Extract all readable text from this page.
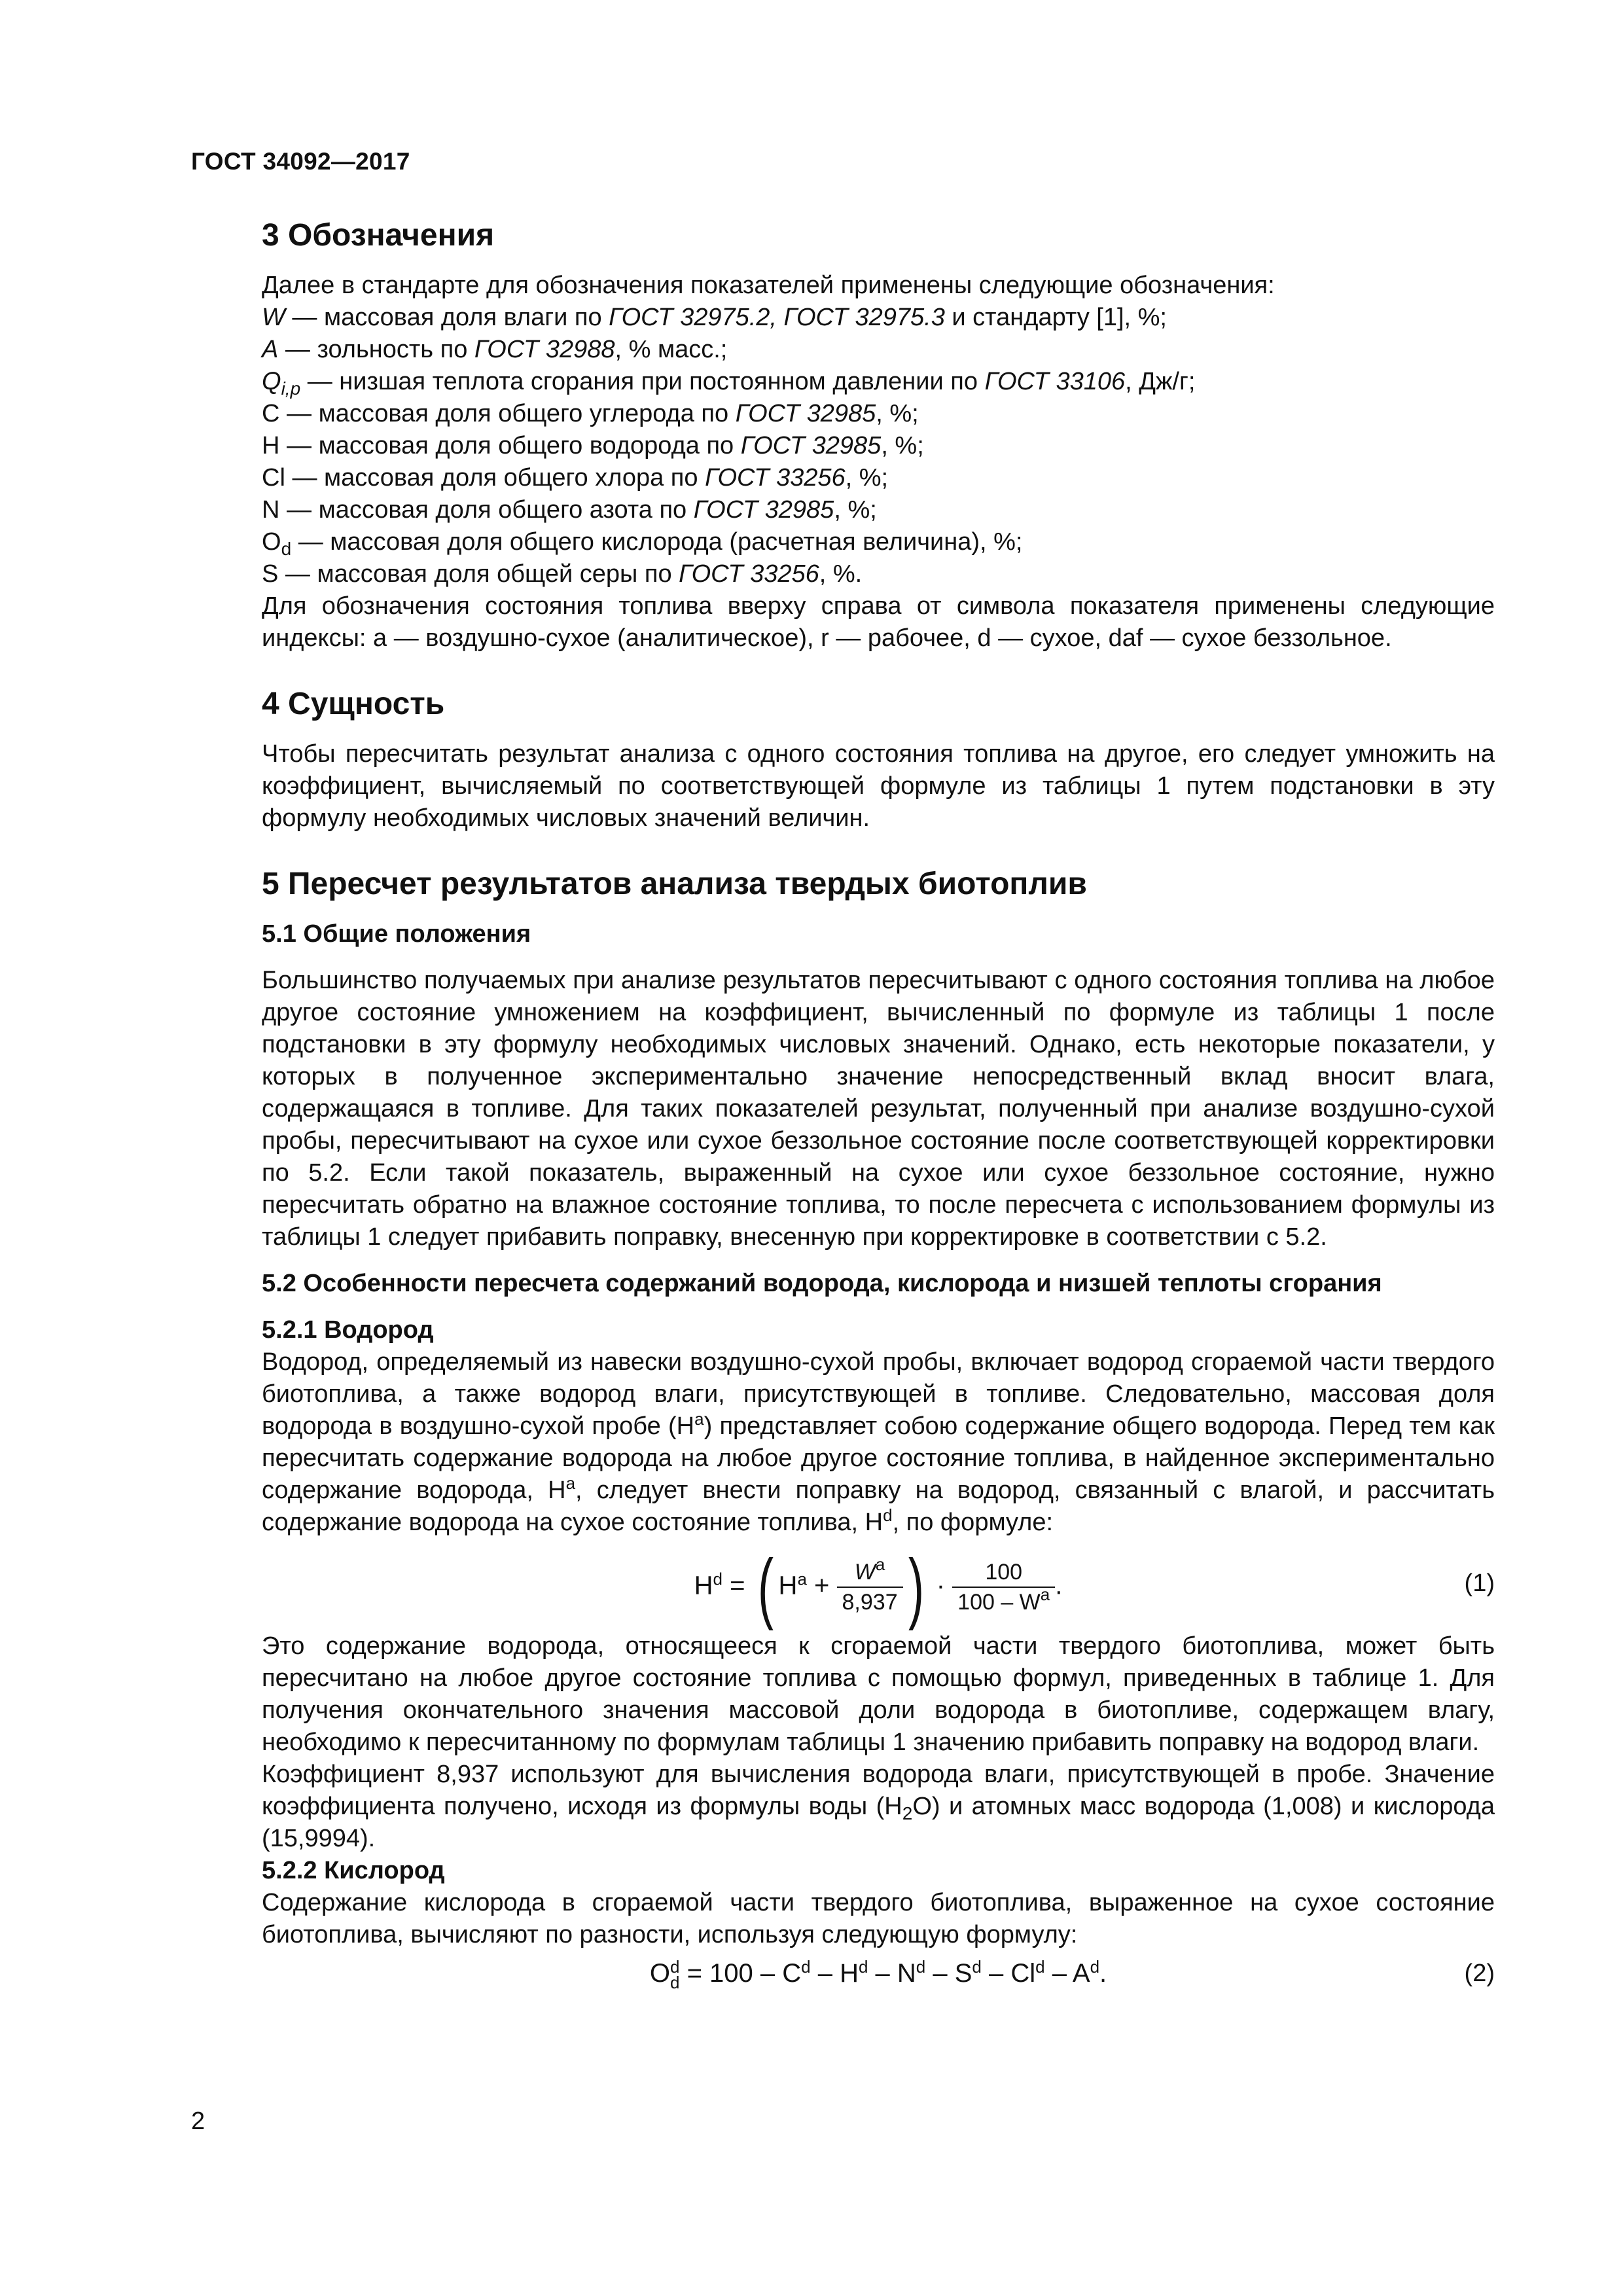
ГОСТ 34092—2017
3 Обозначения

Далее в стандарте для обозначения показателей применены следующие обозначения:

W — массовая доля влаги по ГОСТ 32975.2, ГОСТ 32975.3 и стандарту [1], %;

A — зольность по ГОСТ 32988, % масс.;

$Q_{i,p}$ — низшая теплота сгорания при постоянном давлении по ГОСТ 33106, Дж/г;

С — массовая доля общего углерода по ГОСТ 32985, %;

Н — массовая доля общего водорода по ГОСТ 32985, %;

Cl — массовая доля общего хлора по ГОСТ 33256, %;

N — массовая доля общего азота по ГОСТ 32985, %;

$O_d$ — массовая доля общего кислорода (расчетная величина), %;

S — массовая доля общей серы по ГОСТ 33256, %.

Для обозначения состояния топлива вверху справа от символа показателя применены следующие индексы: a — воздушно-сухое (аналитическое), r — рабочее, d — сухое, daf — сухое беззольное.

4 Сущность

Чтобы пересчитать результат анализа с одного состояния топлива на другое, его следует умножить на коэффициент, вычисляемый по соответствующей формуле из таблицы 1 путем подстановки в эту формулу необходимых числовых значений величин.

5 Пересчет результатов анализа твердых биотоплив
5.1 Общие положения

Большинство получаемых при анализе результатов пересчитывают с одного состояния топлива на любое другое состояние умножением на коэффициент, вычисленный по формуле из таблицы 1 после подстановки в эту формулу необходимых числовых значений. Однако, есть некоторые показатели, у которых в полученное экспериментально значение непосредственный вклад вносит влага, содержащаяся в топливе. Для таких показателей результат, полученный при анализе воздушно-сухой пробы, пересчитывают на сухое или сухое беззольное состояние после соответствующей корректировки по 5.2. Если такой показатель, выраженный на сухое или сухое беззольное состояние, нужно пересчитать обратно на влажное состояние топлива, то после пересчета с использованием формулы из таблицы 1 следует прибавить поправку, внесенную при корректировке в соответствии с 5.2.

5.2 Особенности пересчета содержаний водорода, кислорода и низшей теплоты сгорания
5.2.1 Водород

Водород, определяемый из навески воздушно-сухой пробы, включает водород сгораемой части твердого биотоплива, а также водород влаги, присутствующей в топливе. Следовательно, массовая доля водорода в воздушно-сухой пробе $(Н^a)$ представляет собою содержание общего водорода. Перед тем как пересчитать содержание водорода на любое другое состояние топлива, в найденное экспериментально содержание водорода, $Н^a$, следует внести поправку на водород, связанный с влагой, и рассчитать содержание водорода на сухое состояние топлива, $Н^d$, по формуле:

$Н^d$ = ( $Н^a + \frac{W^a}{8,937}$ ) · $\frac{100}{100 - W^a}$ .	(1)

Это содержание водорода, относящееся к сгораемой части твердого биотоплива, может быть пересчитано на любое другое состояние топлива с помощью формул, приведенных в таблице 1. Для получения окончательного значения массовой доли водорода в биотопливе, содержащем влагу, необходимо к пересчитанному по формулам таблицы 1 значению прибавить поправку на водород влаги.

Коэффициент 8,937 используют для вычисления водорода влаги, присутствующей в пробе. Значение коэффициента получено, исходя из формулы воды $(H_2O)$ и атомных масс водорода (1,008) и кислорода (15,9994).

5.2.2 Кислород

Содержание кислорода в сгораемой части твердого биотоплива, выраженное на сухое состояние биотоплива, вычисляют по разности, используя следующую формулу:

O d
$d = 100 - C^d - H^d - N^d - S^d - Cl^d - A^d$.	(2)
2
